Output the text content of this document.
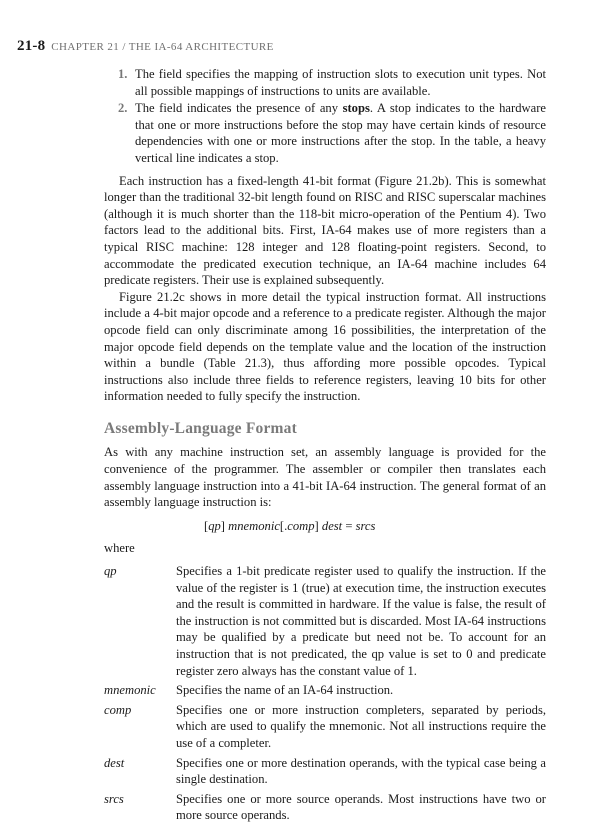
21-8 CHAPTER 21 / THE IA-64 ARCHITECTURE
1. The field specifies the mapping of instruction slots to execution unit types. Not all possible mappings of instructions to units are available.
2. The field indicates the presence of any stops. A stop indicates to the hardware that one or more instructions before the stop may have certain kinds of resource dependencies with one or more instructions after the stop. In the table, a heavy vertical line indicates a stop.

Each instruction has a fixed-length 41-bit format (Figure 21.2b). This is somewhat longer than the traditional 32-bit length found on RISC and RISC superscalar machines (although it is much shorter than the 118-bit micro-operation of the Pentium 4). Two factors lead to the additional bits. First, IA-64 makes use of more registers than a typical RISC machine: 128 integer and 128 floating-point registers. Second, to accommodate the predicated execution technique, an IA-64 machine includes 64 predicate registers. Their use is explained subsequently.

Figure 21.2c shows in more detail the typical instruction format. All instructions include a 4-bit major opcode and a reference to a predicate register. Although the major opcode field can only discriminate among 16 possibilities, the interpretation of the major opcode field depends on the template value and the location of the instruction within a bundle (Table 21.3), thus affording more possible opcodes. Typical instructions also include three fields to reference registers, leaving 10 bits for other information needed to fully specify the instruction.

Assembly-Language Format

As with any machine instruction set, an assembly language is provided for the convenience of the programmer. The assembler or compiler then translates each assembly language instruction into a 41-bit IA-64 instruction. The general format of an assembly language instruction is:

[qp] mnemonic[.comp] dest = srcs
where
qp	Specifies a 1-bit predicate register used to qualify the instruction. If the value of the register is 1 (true) at execution time, the instruction executes and the result is committed in hardware. If the value is false, the result of the instruction is not committed but is discarded. Most IA-64 instructions may be qualified by a predicate but need not be. To account for an instruction that is not predicated, the qp value is set to 0 and predicate register zero always has the constant value of 1.
mnemonic	Specifies the name of an IA-64 instruction.
comp	Specifies one or more instruction completers, separated by periods, which are used to qualify the mnemonic. Not all instructions require the use of a completer.
dest	Specifies one or more destination operands, with the typical case being a single destination.
srcs	Specifies one or more source operands. Most instructions have two or more source operands.
